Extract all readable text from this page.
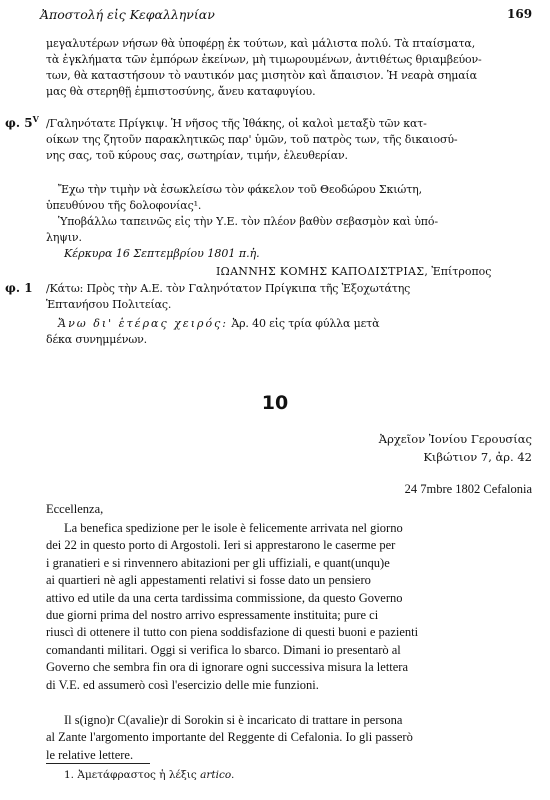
Ἀποστολή εἰς Κεφαλληνίαν	169
μεγαλυτέρων νήσων θὰ ὑποφέρῃ ἐκ τούτων, καὶ μάλιστα πολύ. Τὰ πταίσματα,
τὰ ἐγκλήματα τῶν ἐμπόρων ἐκείνων, μὴ τιμωρουμένων, ἀντιθέτως θριαμβεύον-
των, θὰ καταστήσουν τὸ ναυτικόν μας μισητὸν καὶ ἄπαισιον. Ἡ νεαρὰ σημαία
μας θὰ στερηθῇ ἐμπιστοσύνης, ἄνευ καταφυγίου.
φ. $5^V$ /Γαληνότατε Πρίγκιψ. Ἡ νῆσος τῆς Ἰθάκης, οἱ καλοὶ μεταξὺ τῶν κατ-
οίκων της ζητοῦν παρακλητικῶς παρ' ὑμῶν, τοῦ πατρὸς των, τῆς δικαιοσύ-
νης σας, τοῦ κύρους σας, σωτηρίαν, τιμήν, ἐλευθερίαν.
Ἔχω τὴν τιμὴν νὰ ἐσωκλείσω τὸν φάκελον τοῦ Θεοδώρου Σκιώτη,
ὑπευθύνου τῆς δολοφονίας¹.
Ὑποβάλλω ταπεινῶς εἰς τὴν Υ.Ε. τὸν πλέον βαθὺν σεβασμὸν καὶ ὑπό-
ληψιν.
Κέρκυρα 16 Σεπτεμβρίου 1801 π.ἡ.
ΙΩΑΝΝΗΣ ΚΟΜΗΣ ΚΑΠΟΔΙΣΤΡΙΑΣ, Ἐπίτροπος
φ. 1 /Κάτω: Πρὸς τὴν Α.Ε. τὸν Γαληνότατον Πρίγκιπα τῆς Ἐξοχωτάτης
Ἑπτανήσου Πολιτείας.
Ἄνω δι' ἑτέρας χειρός: Ἀρ. 40 εἰς τρία φύλλα μετὰ
δέκα συνημμένων.
10
Ἀρχεῖον Ἰονίου Γερουσίας
Κιβώτιον 7, ἀρ. 42
24 7mbre 1802 Cefalonia
Eccellenza,
La benefica spedizione per le isole è felicemente arrivata nel giorno
dei 22 in questo porto di Argostoli. Ieri si apprestarono le caserme per
i granatieri e si rinvennero abitazioni per gli uffiziali, e quant(unqu)e
ai quartieri nè agli appestamenti relativi si fosse dato un pensiero
attivo ed utile da una certa tardissima commissione, da questo Governo
due giorni prima del nostro arrivo espressamente instituita; pure ci
riuscì di ottenere il tutto con piena soddisfazione di questi buoni e pazienti
comandanti militari. Oggi si verifica lo sbarco. Dimani io presentarò al
Governo che sembra fin ora di ignorare ogni successiva misura la lettera
di V.E. ed assumerò così l'esercizio delle mie funzioni.
Il s(igno)r C(avalie)r di Sorokin si è incaricato di trattare in persona
al Zante l'argomento importante del Reggente di Cefalonia. Io gli passerò
le relative lettere.
1. Ἀμετάφραστος ἡ λέξις artico.
